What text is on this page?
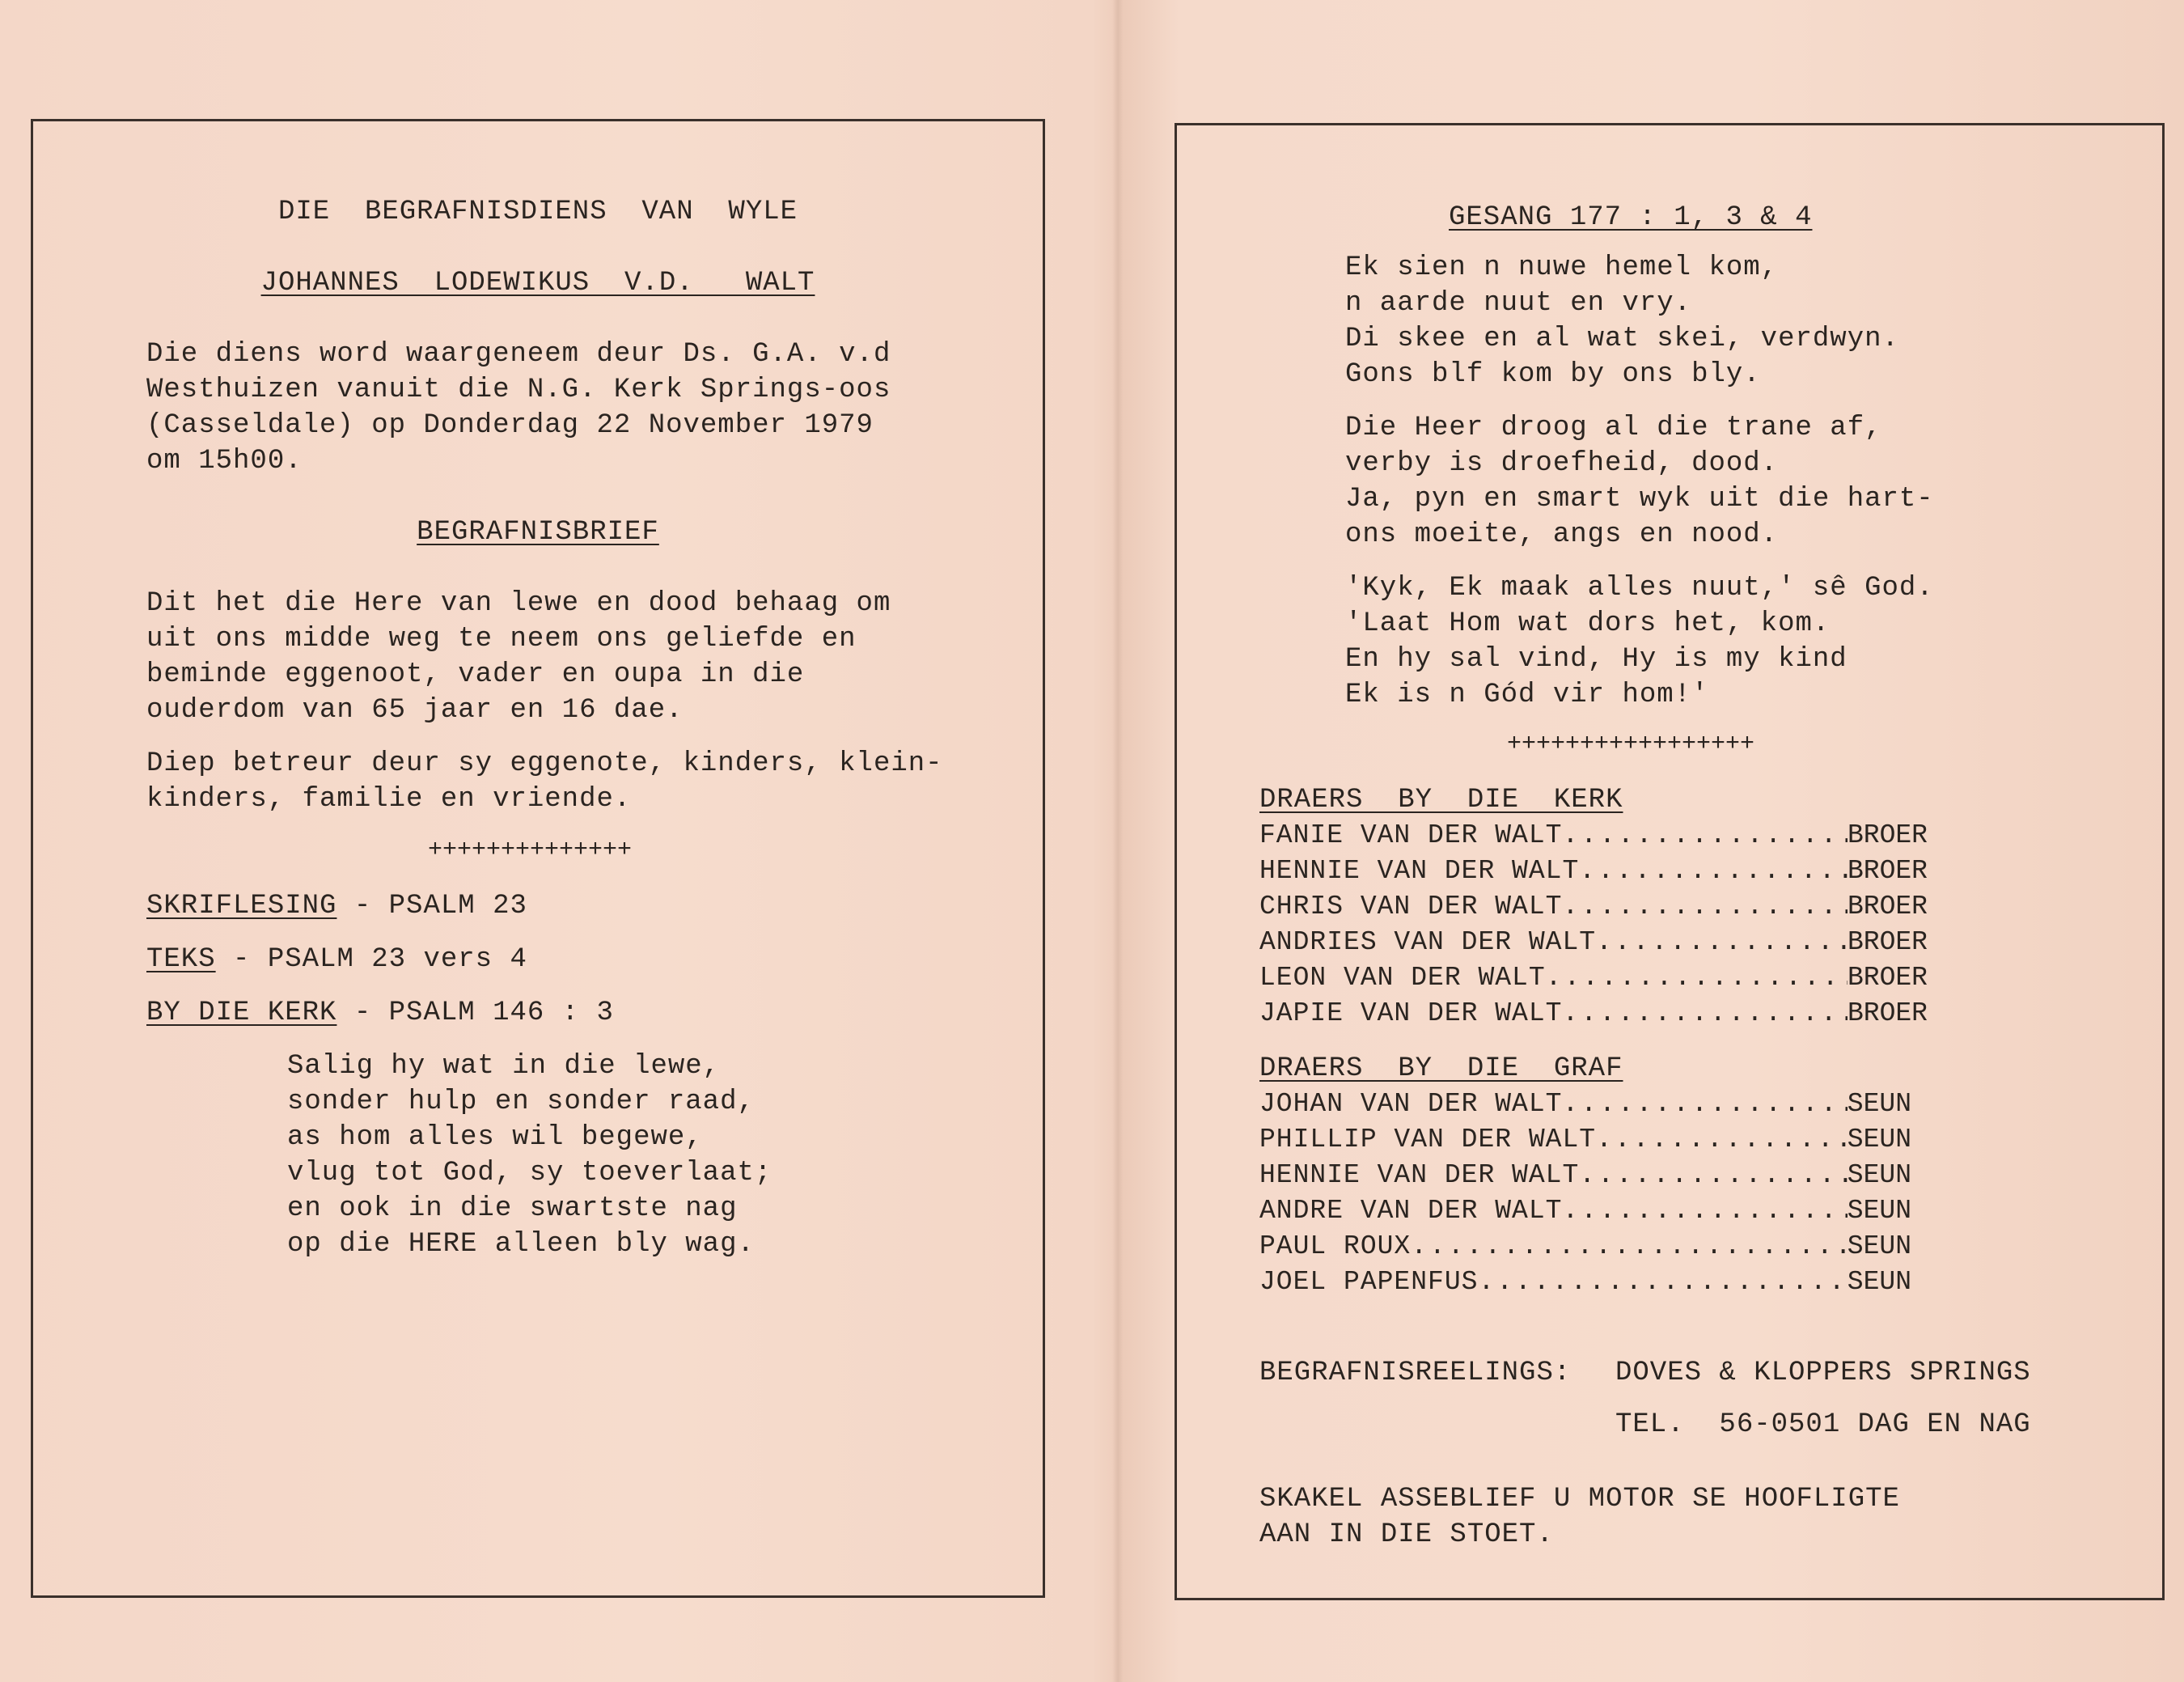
DIE  BEGRAFNISDIENS  VAN  WYLE
JOHANNES  LODEWIKUS  V.D.   WALT
Die diens word waargeneem deur Ds. G.A. v.d
Westhuizen vanuit die N.G. Kerk Springs-oos
(Casseldale) op Donderdag 22 November 1979
om 15h00.
BEGRAFNISBRIEF
Dit het die Here van lewe en dood behaag om
uit ons midde weg te neem ons geliefde en
beminde eggenoot, vader en oupa in die
ouderdom van 65 jaar en 16 dae.
Diep betreur deur sy eggenote, kinders, klein-
kinders, familie en vriende.
++++++++++++++
SKRIFLESING - PSALM 23
TEKS - PSALM 23 vers 4
BY DIE KERK - PSALM 146 : 3
Salig hy wat in die lewe,
sonder hulp en sonder raad,
as hom alles wil begewe,
vlug tot God, sy toeverlaat;
en ook in die swartste nag
op die HERE alleen bly wag.
GESANG 177 : 1, 3 & 4
Ek sien n nuwe hemel kom,
n aarde nuut en vry.
Di skee en al wat skei, verdwyn.
Gons blf kom by ons bly.
Die Heer droog al die trane af,
verby is droefheid, dood.
Ja, pyn en smart wyk uit die hart-
ons moeite, angs en nood.
'Kyk, Ek maak alles nuut,' sê God.
'Laat Hom wat dors het, kom.
En hy sal vind, Hy is my kind
Ek is n Gód vir hom!'
+++++++++++++++++
DRAERS  BY  DIE  KERK
FANIE VAN DER WALT .....	BROER
HENNIE VAN DER WALT .....	BROER
CHRIS VAN DER WALT .....	BROER
ANDRIES VAN DER WALT .....	BROER
LEON VAN DER WALT .....	BROER
JAPIE VAN DER WALT .....	BROER
DRAERS  BY  DIE  GRAF
JOHAN VAN DER WALT .....	SEUN
PHILLIP VAN DER WALT .....	SEUN
HENNIE VAN DER WALT .....	SEUN
ANDRE VAN DER WALT .....	SEUN
PAUL ROUX .....	SEUN
JOEL PAPENFUS .....	SEUN
BEGRAFNISREELINGS: DOVES & KLOPPERS SPRINGS
TEL.  56-0501 DAG EN NAG
SKAKEL ASSEBLIEF U MOTOR SE HOOFLIGTE
AAN IN DIE STOET.
